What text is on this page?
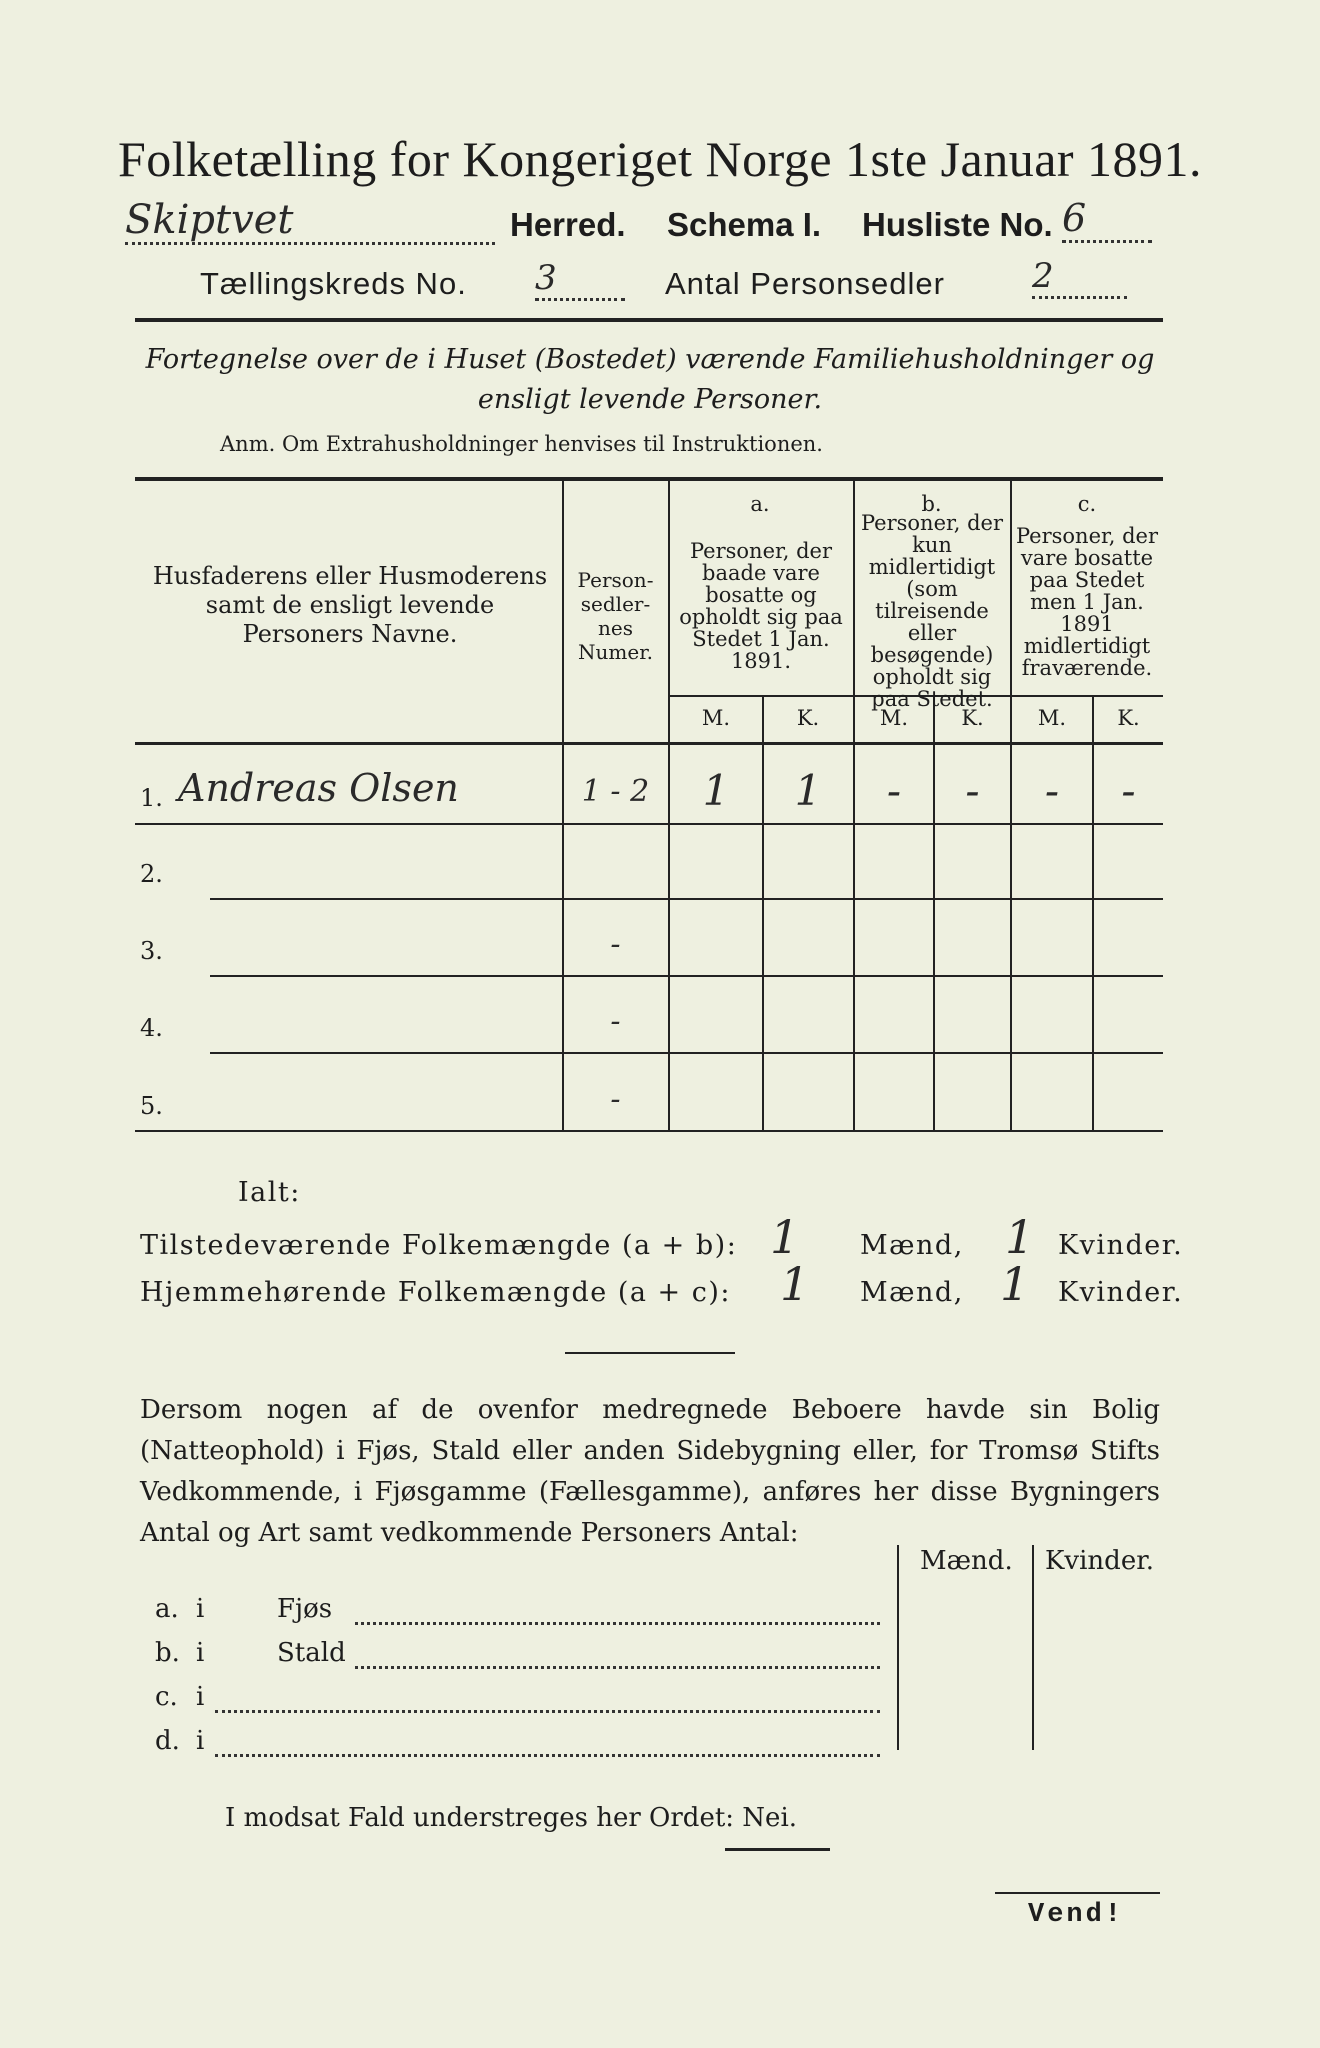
Folketælling for Kongeriget Norge 1ste Januar 1891.
Skiptvet	Herred. Schema I. Husliste No. 6
Tællingskreds No. 3	Antal Personsedler	2
Fortegnelse over de i Huset (Bostedet) værende Familiehusholdninger og ensligt levende Personer.
Anm. Om Extrahusholdninger henvises til Instruktionen.
Husfaderens eller Husmoderens samt de ensligt levende Personers Navne.
Person-sedler-nes Numer.
a.
Personer, der baade vare bosatte og opholdt sig paa Stedet 1 Jan. 1891.
b.
Personer, der kun midlertidigt (som tilreisende eller besøgende) opholdt sig paa Stedet.
c.
Personer, der vare bosatte paa Stedet men 1 Jan. 1891 midlertidigt fraværende.
M.	K.	M.	K.	M.	K.
1. Andreas Olsen	1 - 2	1	1	-	-	-	-
2.
3.	-
4.	-
5.	-
Ialt:
Tilstedeværende Folkemængde (a + b): 1 Mænd, 1 Kvinder.
Hjemmehørende Folkemængde (a + c): 1 Mænd, 1 Kvinder.
Dersom nogen af de ovenfor medregnede Beboere havde sin Bolig (Natteophold) i Fjøs, Stald eller anden Sidebygning eller, for Tromsø Stifts Vedkommende, i Fjøsgamme (Fællesgamme), anføres her disse Bygningers Antal og Art samt vedkommende Personers Antal:
Mænd. Kvinder.
a. i	Fjøs
b. i	Stald
c. i
d. i
I modsat Fald understreges her Ordet: Nei.
Vend!
